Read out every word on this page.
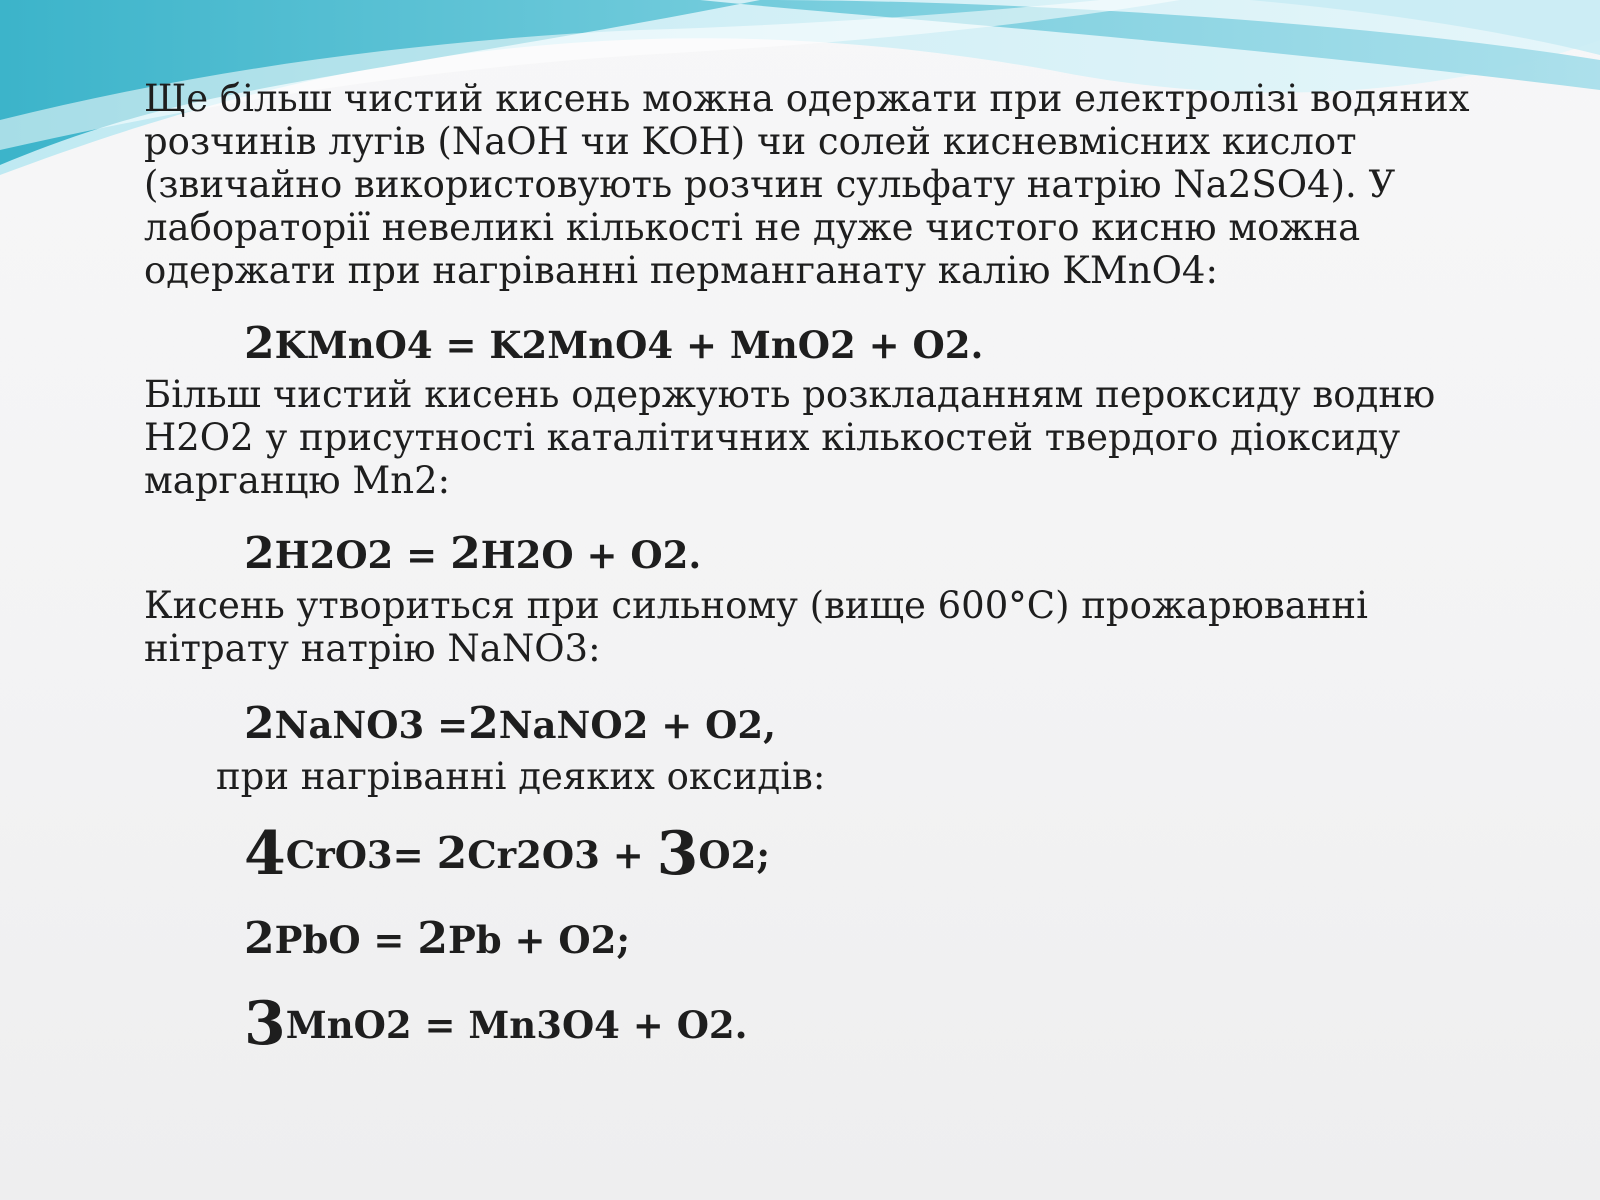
Ще більш чистий кисень можна одержати при електролізі водяних
розчинів лугів (NaOH чи KOH) чи солей кисневмісних кислот
(звичайно використовують розчин сульфату натрію Na2SO4). У
лабораторії невеликі кількості не дуже чистого кисню можна
одержати при нагріванні перманганату калію KMnO4:
2KMnO4 = K2MnO4 + MnO2 + O2.
Більш чистий кисень одержують розкладанням пероксиду водню
H2O2 у присутності каталітичних кількостей твердого діоксиду
марганцю Mn2:
2H2O2 = 2H2O + O2.
Кисень утвориться при сильному (вище 600°C) прожарюванні
нітрату натрію NaNO3:
2NaNO3 =2NaNO2 + O2,
при нагріванні деяких оксидів:
4CrO3= 2Cr2O3 + 3O2;
2PbO = 2Pb + O2;
3MnO2 = Mn3O4 + O2.
